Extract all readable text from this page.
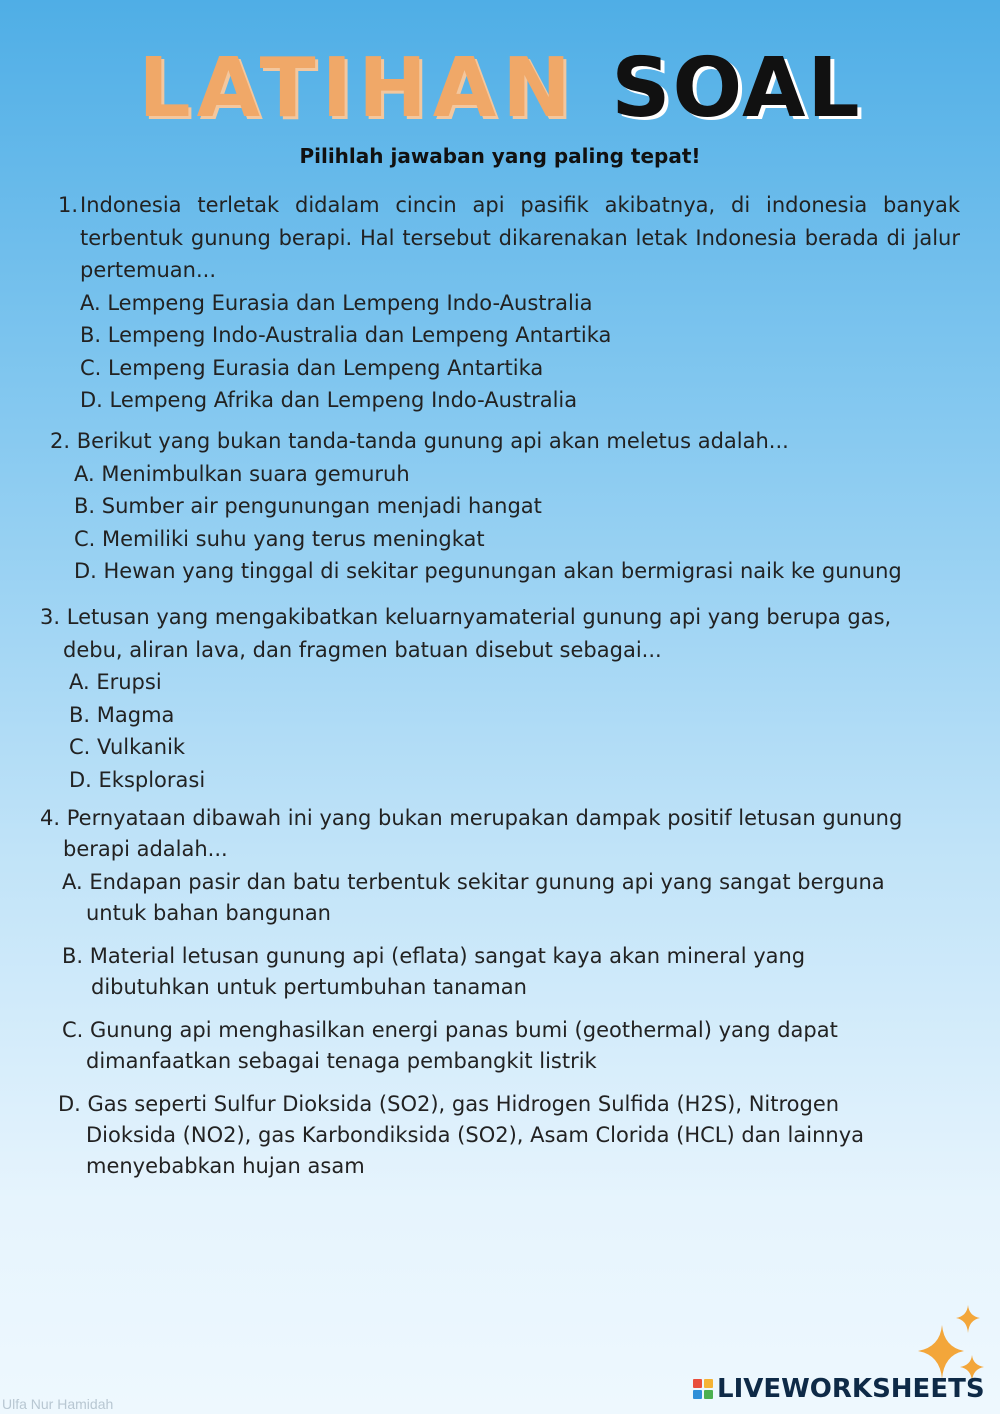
LATIHAN SOAL
Pilihlah jawaban yang paling tepat!
1. Indonesia terletak didalam cincin api pasifik akibatnya, di indonesia banyak terbentuk gunung berapi. Hal tersebut dikarenakan letak Indonesia berada di jalur pertemuan...
A. Lempeng Eurasia dan Lempeng Indo-Australia
B. Lempeng Indo-Australia dan Lempeng Antartika
C. Lempeng Eurasia dan Lempeng Antartika
D. Lempeng Afrika dan Lempeng Indo-Australia
2. Berikut yang bukan tanda-tanda gunung api akan meletus adalah...
A. Menimbulkan suara gemuruh
B. Sumber air pengunungan menjadi hangat
C. Memiliki suhu yang terus meningkat
D. Hewan yang tinggal di sekitar pegunungan akan bermigrasi naik ke gunung
3. Letusan yang mengakibatkan keluarnyamaterial gunung api yang berupa gas,
debu, aliran lava, dan fragmen batuan disebut sebagai...
A. Erupsi
B. Magma
C. Vulkanik
D. Eksplorasi
4. Pernyataan dibawah ini yang bukan merupakan dampak positif letusan gunung
berapi adalah...
A. Endapan pasir dan batu terbentuk sekitar gunung api yang sangat berguna
untuk bahan bangunan
B. Material letusan gunung api (eflata) sangat kaya akan mineral yang
dibutuhkan untuk pertumbuhan tanaman
C. Gunung api menghasilkan energi panas bumi (geothermal) yang dapat
dimanfaatkan sebagai tenaga pembangkit listrik
D. Gas seperti Sulfur Dioksida (SO2), gas Hidrogen Sulfida (H2S), Nitrogen
Dioksida (NO2), gas Karbondiksida (SO2), Asam Clorida (HCL) dan lainnya
menyebabkan hujan asam
LIVEWORKSHEETS
Ulfa Nur Hamidah
